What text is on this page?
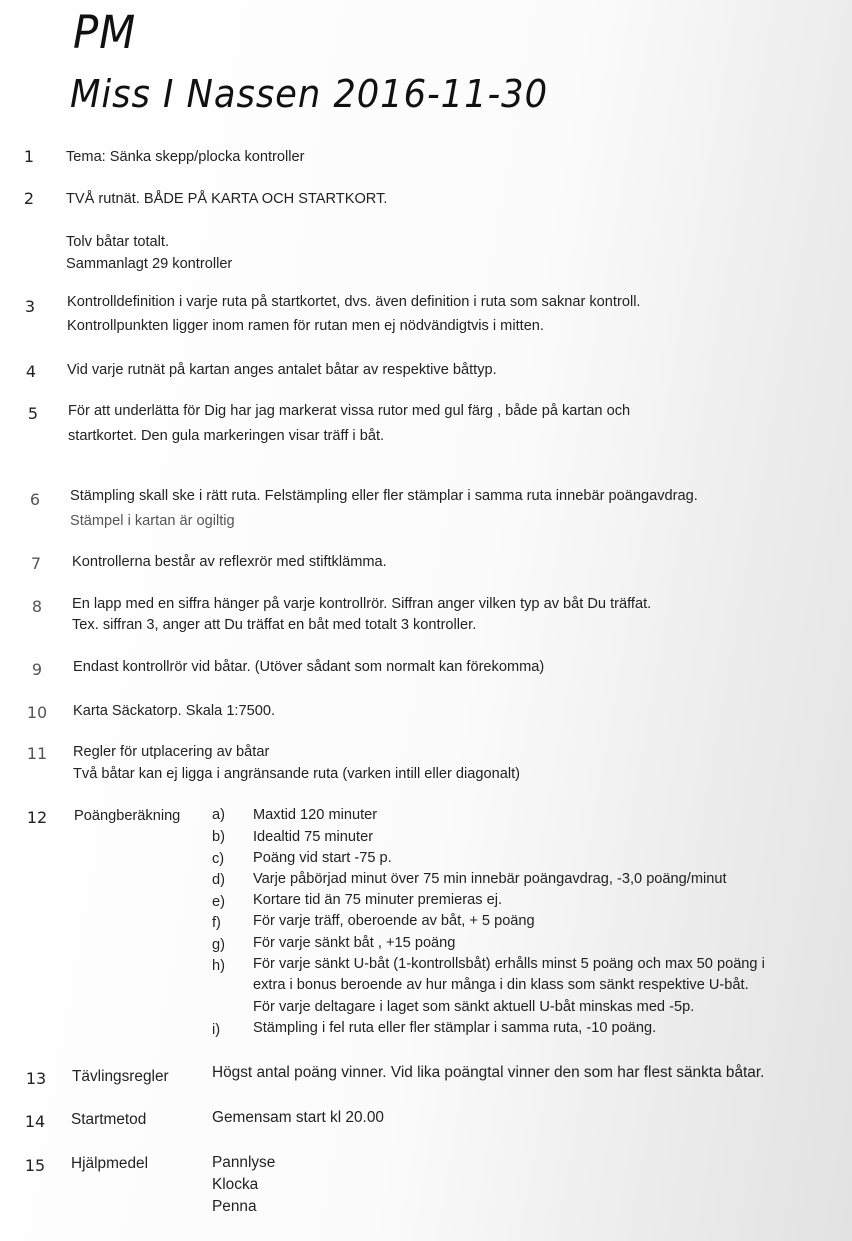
PM
Miss I Nassen 2016-11-30
1	Tema: Sänka skepp/plocka kontroller
2	TVÅ rutnät. BÅDE PÅ KARTA OCH STARTKORT.
Tolv båtar totalt.
Sammanlagt 29 kontroller
3	Kontrolldefinition i varje ruta på startkortet, dvs. även definition i ruta som saknar kontroll.
Kontrollpunkten ligger inom ramen för rutan men ej nödvändigtvis i mitten.
4	Vid varje rutnät på kartan anges antalet båtar av respektive båttyp.
5	För att underlätta för Dig har jag markerat vissa rutor med gul färg , både på kartan och
startkortet. Den gula markeringen visar träff i båt.
6	Stämpling skall ske i rätt ruta. Felstämpling eller fler stämplar i samma ruta innebär poängavdrag.
Stämpel i kartan är ogiltig
7	Kontrollerna består av reflexrör med stiftklämma.
8	En lapp med en siffra hänger på varje kontrollrör. Siffran anger vilken typ av båt Du träffat.
Tex. siffran 3, anger att Du träffat en båt med totalt 3 kontroller.
9	Endast kontrollrör vid båtar. (Utöver sådant som normalt kan förekomma)
10	Karta Säckatorp. Skala 1:7500.
11	Regler för utplacering av båtar
Två båtar kan ej ligga i angränsande ruta (varken intill eller diagonalt)
12	Poängberäkning a) Maxtid 120 minuter
b) Idealtid 75 minuter
c) Poäng vid start -75 p.
d) Varje påbörjad minut över 75 min innebär poängavdrag, -3,0 poäng/minut
e) Kortare tid än 75 minuter premieras ej.
f) För varje träff, oberoende av båt, + 5 poäng
g) För varje sänkt båt , +15 poäng
h) För varje sänkt U-båt (1-kontrollsbåt) erhålls minst 5 poäng och max 50 poäng i
extra i bonus beroende av hur många i din klass som sänkt respektive U-båt.
För varje deltagare i laget som sänkt aktuell U-båt minskas med -5p.
i) Stämpling i fel ruta eller fler stämplar i samma ruta, -10 poäng.
13	Tävlingsregler	Högst antal poäng vinner. Vid lika poängtal vinner den som har flest sänkta båtar.
14	Startmetod	Gemensam start kl 20.00
15	Hjälpmedel	Pannlyse
Klocka
Penna
